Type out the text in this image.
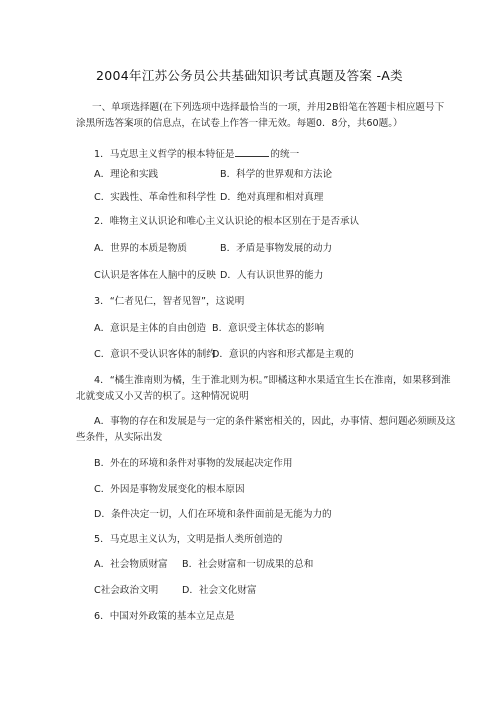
2004年江苏公务员公共基础知识考试真题及答案 -A类
一、单项选择题(在下列选项中选择最恰当的一项，并用2B铅笔在答题卡相应题号下
涂黑所选答案项的信息点，在试卷上作答一律无效。每题0．8分，共60题。）
1．马克思主义哲学的根本特征是	的统一
A．理论和实践	B．科学的世界观和方法论
C．实践性、革命性和科学性 D．绝对真理和相对真理
2．唯物主义认识论和唯心主义认识论的根本区别在于是否承认
A．世界的本质是物质	B．矛盾是事物发展的动力
C认识是客体在人脑中的反映 D．人有认识世界的能力
3．“仁者见仁，智者见智”，这说明
A．意识是主体的自由创造 B．意识受主体状态的影响
C．意识不受认识客体的制约
D．意识的内容和形式都是主观的
4．“橘生淮南则为橘，生于淮北则为枳。”即橘这种水果适宜生长在淮南，如果移到淮
北就变成又小又苦的枳了。这种情况说明
A．事物的存在和发展是与一定的条件紧密相关的，因此，办事情、想问题必须顾及这
些条件，从实际出发
B．外在的环境和条件对事物的发展起决定作用
C．外因是事物发展变化的根本原因
D．条件决定一切，人们在环境和条件面前是无能为力的
5．马克思主义认为，文明是指人类所创造的
A．社会物质财富 B．社会财富和一切成果的总和
C社会政治文明 D．社会文化财富
6．中国对外政策的基本立足点是
